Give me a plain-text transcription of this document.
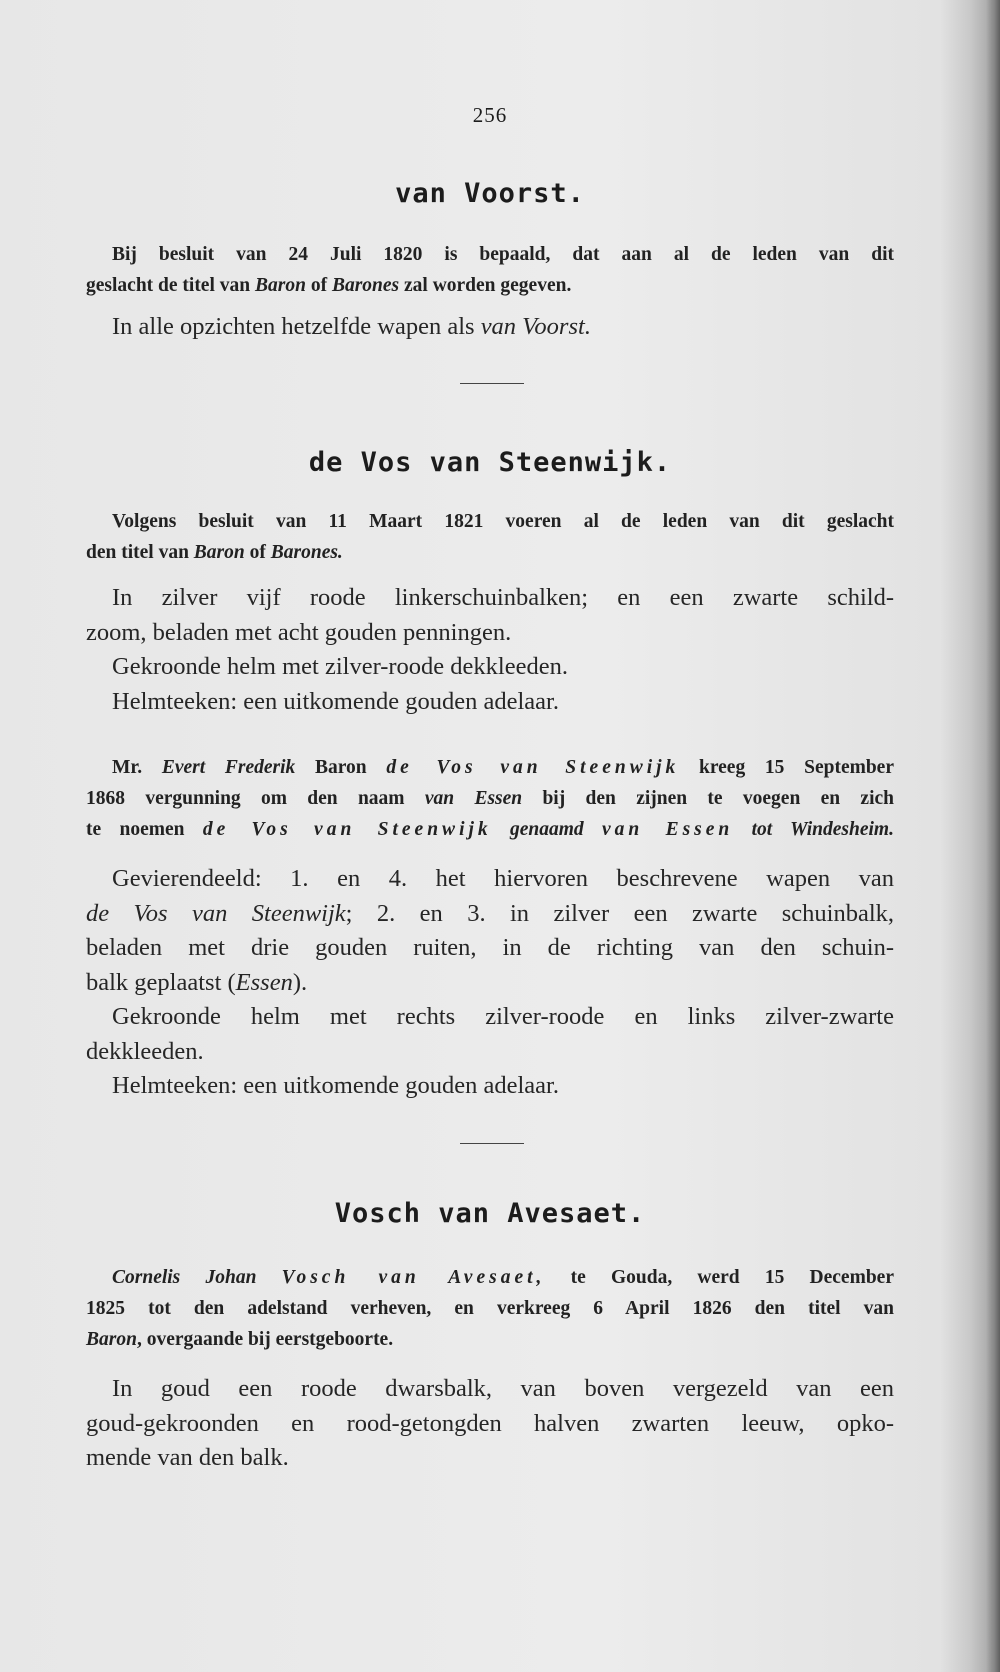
256
van Voorst.
Bij besluit van 24 Juli 1820 is bepaald, dat aan al de leden van dit
geslacht de titel van Baron of Barones zal worden gegeven.
In alle opzichten hetzelfde wapen als van Voorst.
de Vos van Steenwijk.
Volgens besluit van 11 Maart 1821 voeren al de leden van dit geslacht
den titel van Baron of Barones.
In zilver vijf roode linkerschuinbalken; en een zwarte schild-
zoom, beladen met acht gouden penningen.
Gekroonde helm met zilver-roode dekkleeden.
Helmteeken: een uitkomende gouden adelaar.
Mr. Evert Frederik Baron de Vos van Steenwijk kreeg 15 September
1868 vergunning om den naam van Essen bij den zijnen te voegen en zich
te noemen de Vos van Steenwijk genaamd van Essen tot Windesheim.
Gevierendeeld: 1. en 4. het hiervoren beschrevene wapen van
de Vos van Steenwijk; 2. en 3. in zilver een zwarte schuinbalk,
beladen met drie gouden ruiten, in de richting van den schuin-
balk geplaatst (Essen).
Gekroonde helm met rechts zilver-roode en links zilver-zwarte
dekkleeden.
Helmteeken: een uitkomende gouden adelaar.
Vosch van Avesaet.
Cornelis Johan Vosch van Avesaet, te Gouda, werd 15 December
1825 tot den adelstand verheven, en verkreeg 6 April 1826 den titel van
Baron, overgaande bij eerstgeboorte.
In goud een roode dwarsbalk, van boven vergezeld van een
goud-gekroonden en rood-getongden halven zwarten leeuw, opko-
mende van den balk.
